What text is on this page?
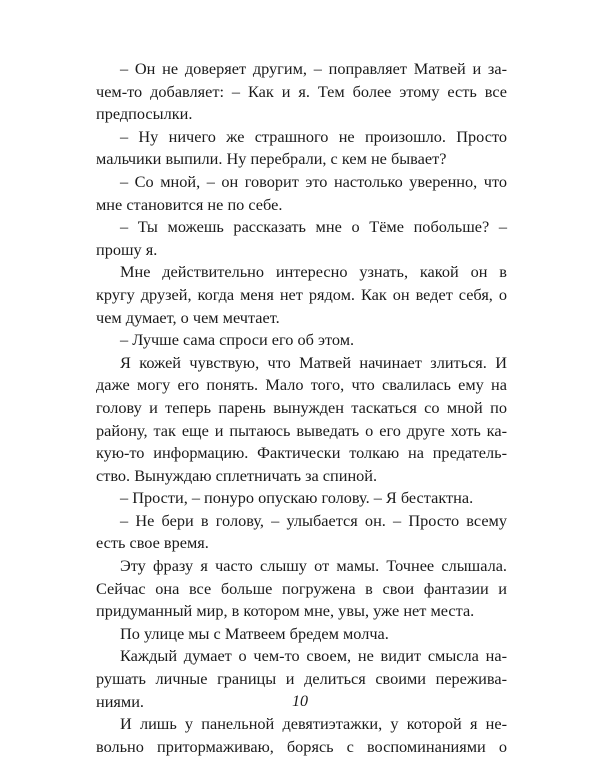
– Он не доверяет другим, – поправляет Матвей и за-
чем-то добавляет: – Как и я. Тем более этому есть все
предпосылки.
– Ну ничего же страшного не произошло. Просто
мальчики выпили. Ну перебрали, с кем не бывает?
– Со мной, – он говорит это настолько уверенно, что
мне становится не по себе.
– Ты можешь рассказать мне о Тёме побольше? –
прошу я.
Мне действительно интересно узнать, какой он в
кругу друзей, когда меня нет рядом. Как он ведет себя, о
чем думает, о чем мечтает.
– Лучше сама спроси его об этом.
Я кожей чувствую, что Матвей начинает злиться. И
даже могу его понять. Мало того, что свалилась ему на
голову и теперь парень вынужден таскаться со мной по
району, так еще и пытаюсь выведать о его друге хоть ка-
кую-то информацию. Фактически толкаю на предатель-
ство. Вынуждаю сплетничать за спиной.
– Прости, – понуро опускаю голову. – Я бестактна.
– Не бери в голову, – улыбается он. – Просто всему
есть свое время.
Эту фразу я часто слышу от мамы. Точнее слышала.
Сейчас она все больше погружена в свои фантазии и
придуманный мир, в котором мне, увы, уже нет места.
По улице мы с Матвеем бредем молча.
Каждый думает о чем-то своем, не видит смысла на-
рушать личные границы и делиться своими пережива-
ниями.
И лишь у панельной девятиэтажки, у которой я не-
вольно притормаживаю, борясь с воспоминаниями о
10
